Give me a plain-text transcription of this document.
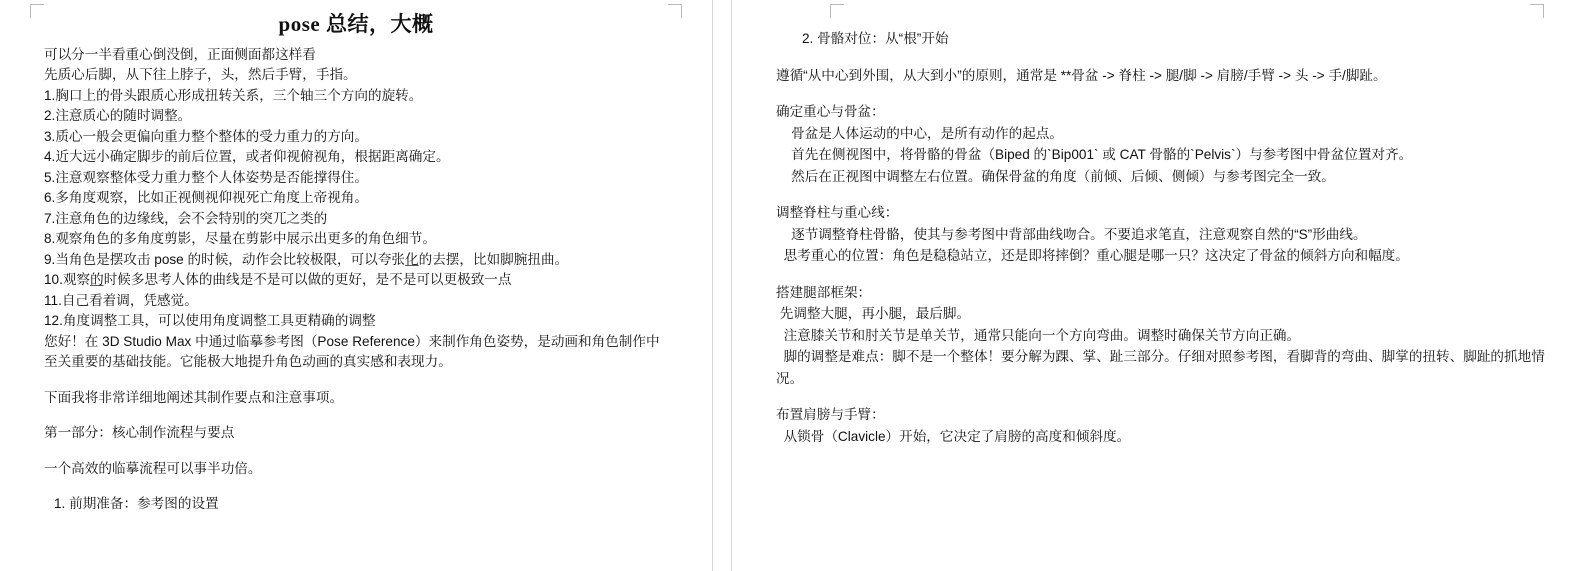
pose 总结，大概
可以分一半看重心倒没倒，正面侧面都这样看
先质心后脚，从下往上脖子，头，然后手臂，手指。
1.胸口上的骨头跟质心形成扭转关系，三个轴三个方向的旋转。
2.注意质心的随时调整。
3.质心一般会更偏向重力整个整体的受力重力的方向。
4.近大远小确定脚步的前后位置，或者仰视俯视角，根据距离确定。
5.注意观察整体受力重力整个人体姿势是否能撑得住。
6.多角度观察，比如正视侧视仰视死亡角度上帝视角。
7.注意角色的边缘线，会不会特别的突兀之类的
8.观察角色的多角度剪影，尽量在剪影中展示出更多的角色细节。
9.当角色是摆攻击 pose 的时候，动作会比较极限，可以夸张化的去摆，比如脚腕扭曲。
10.观察的时候多思考人体的曲线是不是可以做的更好，是不是可以更极致一点
11.自己看着调，凭感觉。
12.角度调整工具，可以使用角度调整工具更精确的调整
您好！在 3D Studio Max 中通过临摹参考图（Pose Reference）来制作角色姿势，是动画和角色制作中至关重要的基础技能。它能极大地提升角色动画的真实感和表现力。
下面我将非常详细地阐述其制作要点和注意事项。
第一部分：核心制作流程与要点
一个高效的临摹流程可以事半功倍。
1. 前期准备：参考图的设置
2. 骨骼对位：从“根”开始
遵循“从中心到外围，从大到小”的原则，通常是 **骨盆 -> 脊柱 -> 腿/脚 -> 肩膀/手臂 -> 头 -> 手/脚趾。
确定重心与骨盆：
骨盆是人体运动的中心，是所有动作的起点。
首先在侧视图中，将骨骼的骨盆（Biped 的`Bip001` 或 CAT 骨骼的`Pelvis`）与参考图中骨盆位置对齐。
然后在正视图中调整左右位置。确保骨盆的角度（前倾、后倾、侧倾）与参考图完全一致。
调整脊柱与重心线：
逐节调整脊柱骨骼，使其与参考图中背部曲线吻合。不要追求笔直，注意观察自然的“S”形曲线。
思考重心的位置：角色是稳稳站立，还是即将摔倒？重心腿是哪一只？这决定了骨盆的倾斜方向和幅度。
搭建腿部框架：
先调整大腿，再小腿，最后脚。
注意膝关节和肘关节是单关节，通常只能向一个方向弯曲。调整时确保关节方向正确。
脚的调整是难点：脚不是一个整体！要分解为踝、掌、趾三部分。仔细对照参考图，看脚背的弯曲、脚掌的扭转、脚趾的抓地情况。
布置肩膀与手臂：
从锁骨（Clavicle）开始，它决定了肩膀的高度和倾斜度。
